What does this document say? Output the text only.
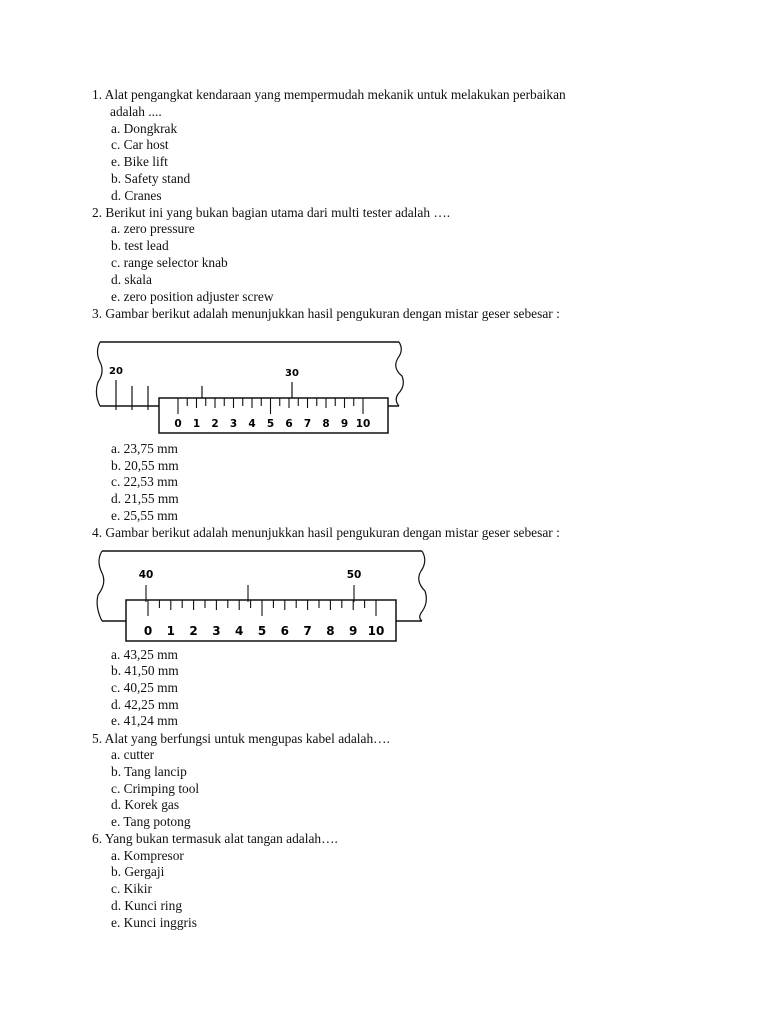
1. Alat pengangkat kendaraan yang mempermudah mekanik untuk melakukan perbaikan
adalah ....
a. Dongkrak
c. Car host
e. Bike lift
b. Safety stand
d. Cranes
2. Berikut ini yang bukan bagian utama dari multi tester adalah ….
a. zero pressure
b. test lead
c. range selector knab
d. skala
e. zero position adjuster screw
3. Gambar berikut adalah menunjukkan hasil pengukuran dengan mistar geser sebesar :
20	30
0 1 2 3 4 5 6 7 8 9 10
a. 23,75 mm
b. 20,55 mm
c. 22,53 mm
d. 21,55 mm
e. 25,55 mm
4. Gambar berikut adalah menunjukkan hasil pengukuran dengan mistar geser sebesar :
40	50
0 1 2 3 4 5 6 7 8 9 10
a. 43,25 mm
b. 41,50 mm
c. 40,25 mm
d. 42,25 mm
e. 41,24 mm
5. Alat yang berfungsi untuk mengupas kabel adalah….
a. cutter
b. Tang lancip
c. Crimping tool
d. Korek gas
e. Tang potong
6. Yang bukan termasuk alat tangan adalah….
a. Kompresor
b. Gergaji
c. Kikir
d. Kunci ring
e. Kunci inggris
